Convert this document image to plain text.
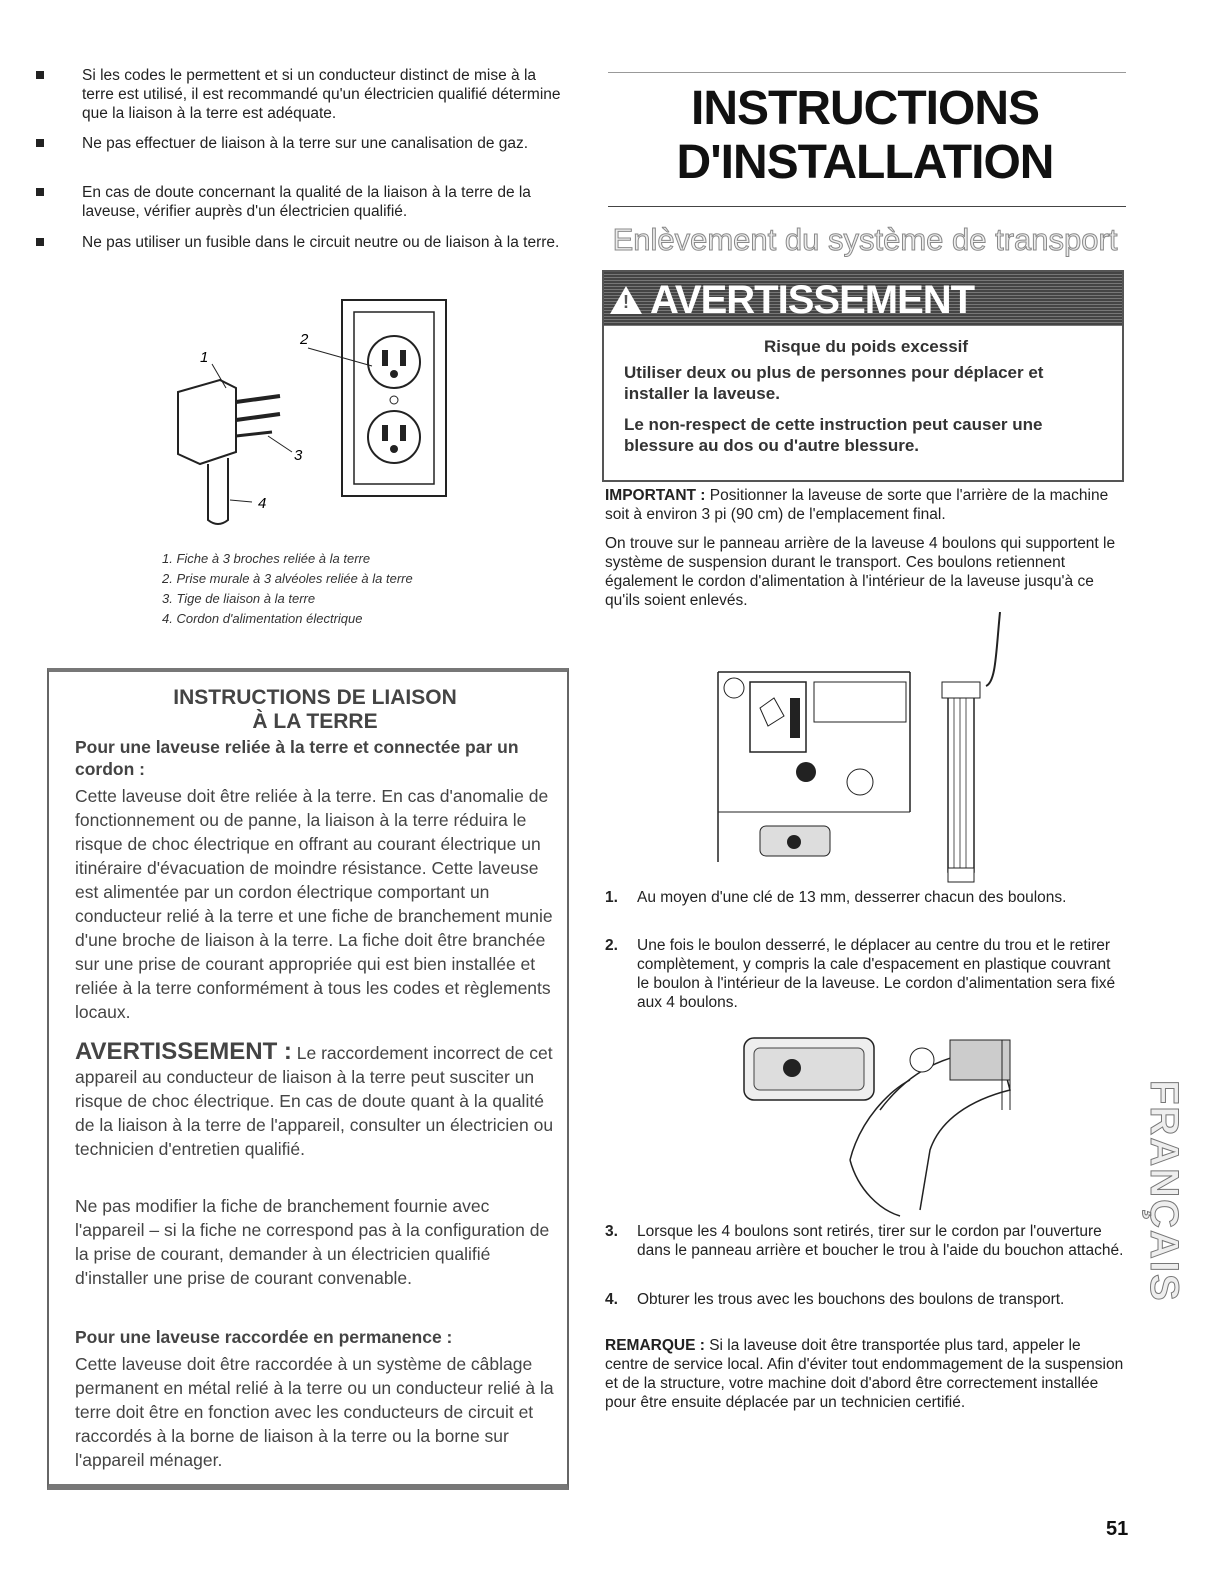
Si les codes le permettent et si un conducteur distinct de mise à la terre est utilisé, il est recommandé qu'un électricien qualifié détermine que la liaison à la terre est adéquate.
Ne pas effectuer de liaison à la terre sur une canalisation de gaz.
En cas de doute concernant la qualité de la liaison à la terre de la laveuse, vérifier auprès d'un électricien qualifié.
Ne pas utiliser un fusible dans le circuit neutre ou de liaison à la terre.
1
2
3
4
1. Fiche à 3 broches reliée à la terre
2. Prise murale à 3 alvéoles reliée à la terre
3. Tige de liaison à la terre
4. Cordon d'alimentation électrique
INSTRUCTIONS DE LIAISON
À LA TERRE
Pour une laveuse reliée à la terre et connectée par un cordon :
Cette laveuse doit être reliée à la terre. En cas d'anomalie de fonctionnement ou de panne, la liaison à la terre réduira le risque de choc électrique en offrant au courant électrique un itinéraire d'évacuation de moindre résistance. Cette laveuse est alimentée par un cordon électrique comportant un conducteur relié à la terre et une fiche de branchement munie d'une broche de liaison à la terre. La fiche doit être branchée sur une prise de courant appropriée qui est bien installée et reliée à la terre conformément à tous les codes et règlements locaux.
AVERTISSEMENT : Le raccordement incorrect de cet appareil au conducteur de liaison à la terre peut susciter un risque de choc électrique. En cas de doute quant à la qualité de la liaison à la terre de l'appareil, consulter un électricien ou technicien d'entretien qualifié.
Ne pas modifier la fiche de branchement fournie avec l'appareil – si la fiche ne correspond pas à la configuration de la prise de courant, demander à un électricien qualifié d'installer une prise de courant convenable.
Pour une laveuse raccordée en permanence :
Cette laveuse doit être raccordée à un système de câblage permanent en métal relié à la terre ou un conducteur relié à la terre doit être en fonction avec les conducteurs de circuit et raccordés à la borne de liaison à la terre ou la borne sur l'appareil ménager.
INSTRUCTIONS
D'INSTALLATION
Enlèvement du système de transport
! AVERTISSEMENT
Risque du poids excessif
Utiliser deux ou plus de personnes pour déplacer et installer la laveuse.
Le non-respect de cette instruction peut causer une blessure au dos ou d'autre blessure.
IMPORTANT : Positionner la laveuse de sorte que l'arrière de la machine soit à environ 3 pi (90 cm) de l'emplacement final.
On trouve sur le panneau arrière de la laveuse 4 boulons qui supportent le système de suspension durant le transport. Ces boulons retiennent également le cordon d'alimentation à l'intérieur de la laveuse jusqu'à ce qu'ils soient enlevés.
1. Au moyen d'une clé de 13 mm, desserrer chacun des boulons.
2. Une fois le boulon desserré, le déplacer au centre du trou et le retirer complètement, y compris la cale d'espacement en plastique couvrant le boulon à l'intérieur de la laveuse. Le cordon d'alimentation sera fixé aux 4 boulons.
3. Lorsque les 4 boulons sont retirés, tirer sur le cordon par l'ouverture dans le panneau arrière et boucher le trou à l'aide du bouchon attaché.
4. Obturer les trous avec les bouchons des boulons de transport.
REMARQUE : Si la laveuse doit être transportée plus tard, appeler le centre de service local. Afin d'éviter tout endommagement de la suspension et de la structure, votre machine doit d'abord être correctement installée pour être ensuite déplacée par un technicien certifié.
FRANÇAIS
51
